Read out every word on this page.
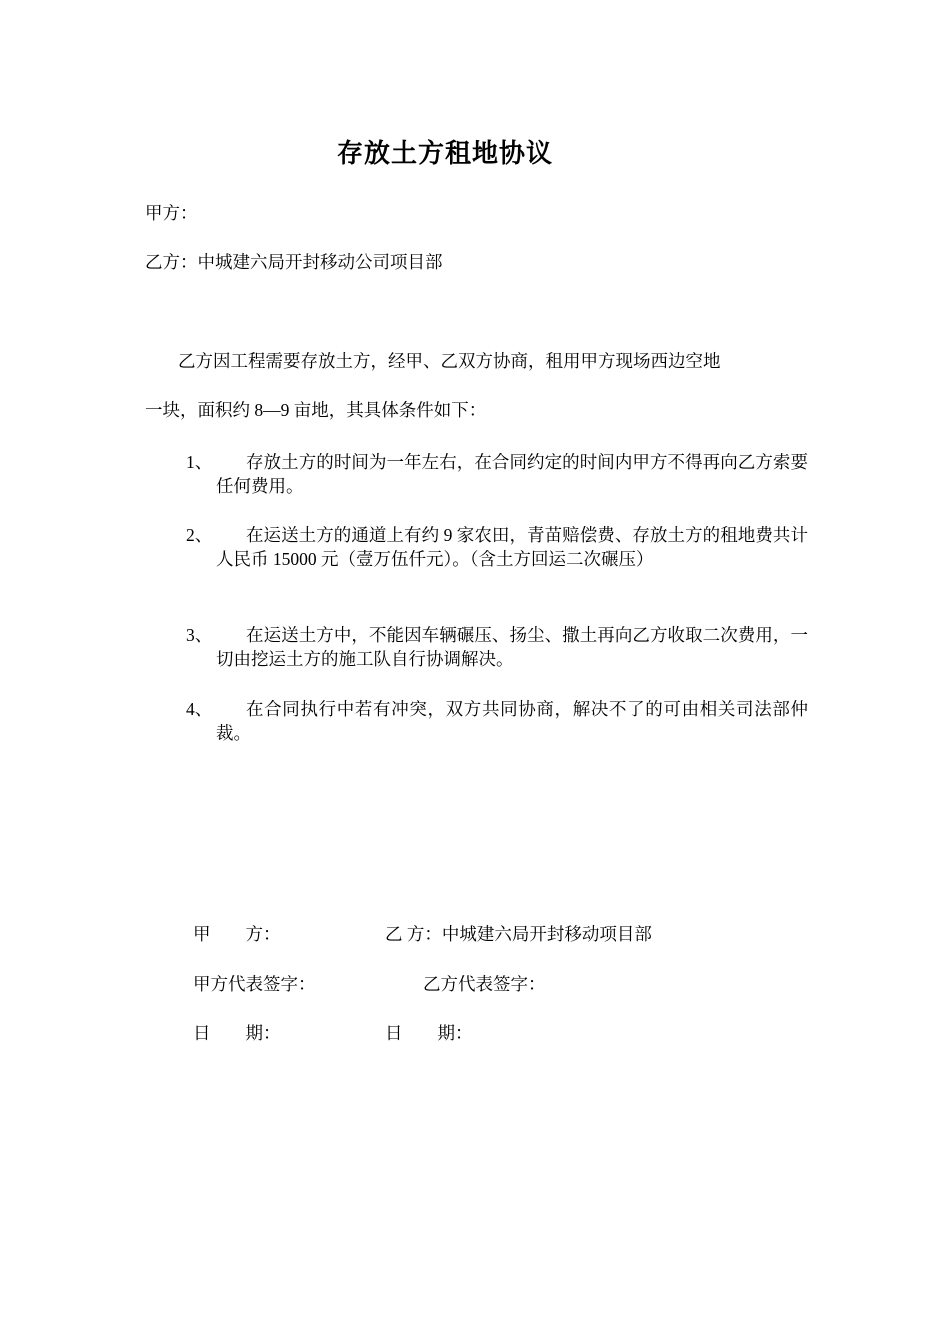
存放土方租地协议
甲方：
乙方：中城建六局开封移动公司项目部
乙方因工程需要存放土方，经甲、乙双方协商，租用甲方现场西边空地
一块，面积约 8—9 亩地，其具体条件如下：
1、	存放土方的时间为一年左右，在合同约定的时间内甲方不得再向乙方索要任何费用。
2、	在运送土方的通道上有约 9 家农田，青苗赔偿费、存放土方的租地费共计人民币 15000 元（壹万伍仟元）。（含土方回运二次碾压）
3、	在运送土方中，不能因车辆碾压、扬尘、撒土再向乙方收取二次费用，一切由挖运土方的施工队自行协调解决。
4、	在合同执行中若有冲突，双方共同协商，解决不了的可由相关司法部仲裁。
甲　　方：	乙 方：中城建六局开封移动项目部
甲方代表签字：	乙方代表签字：
日　　期：	日　　期：
